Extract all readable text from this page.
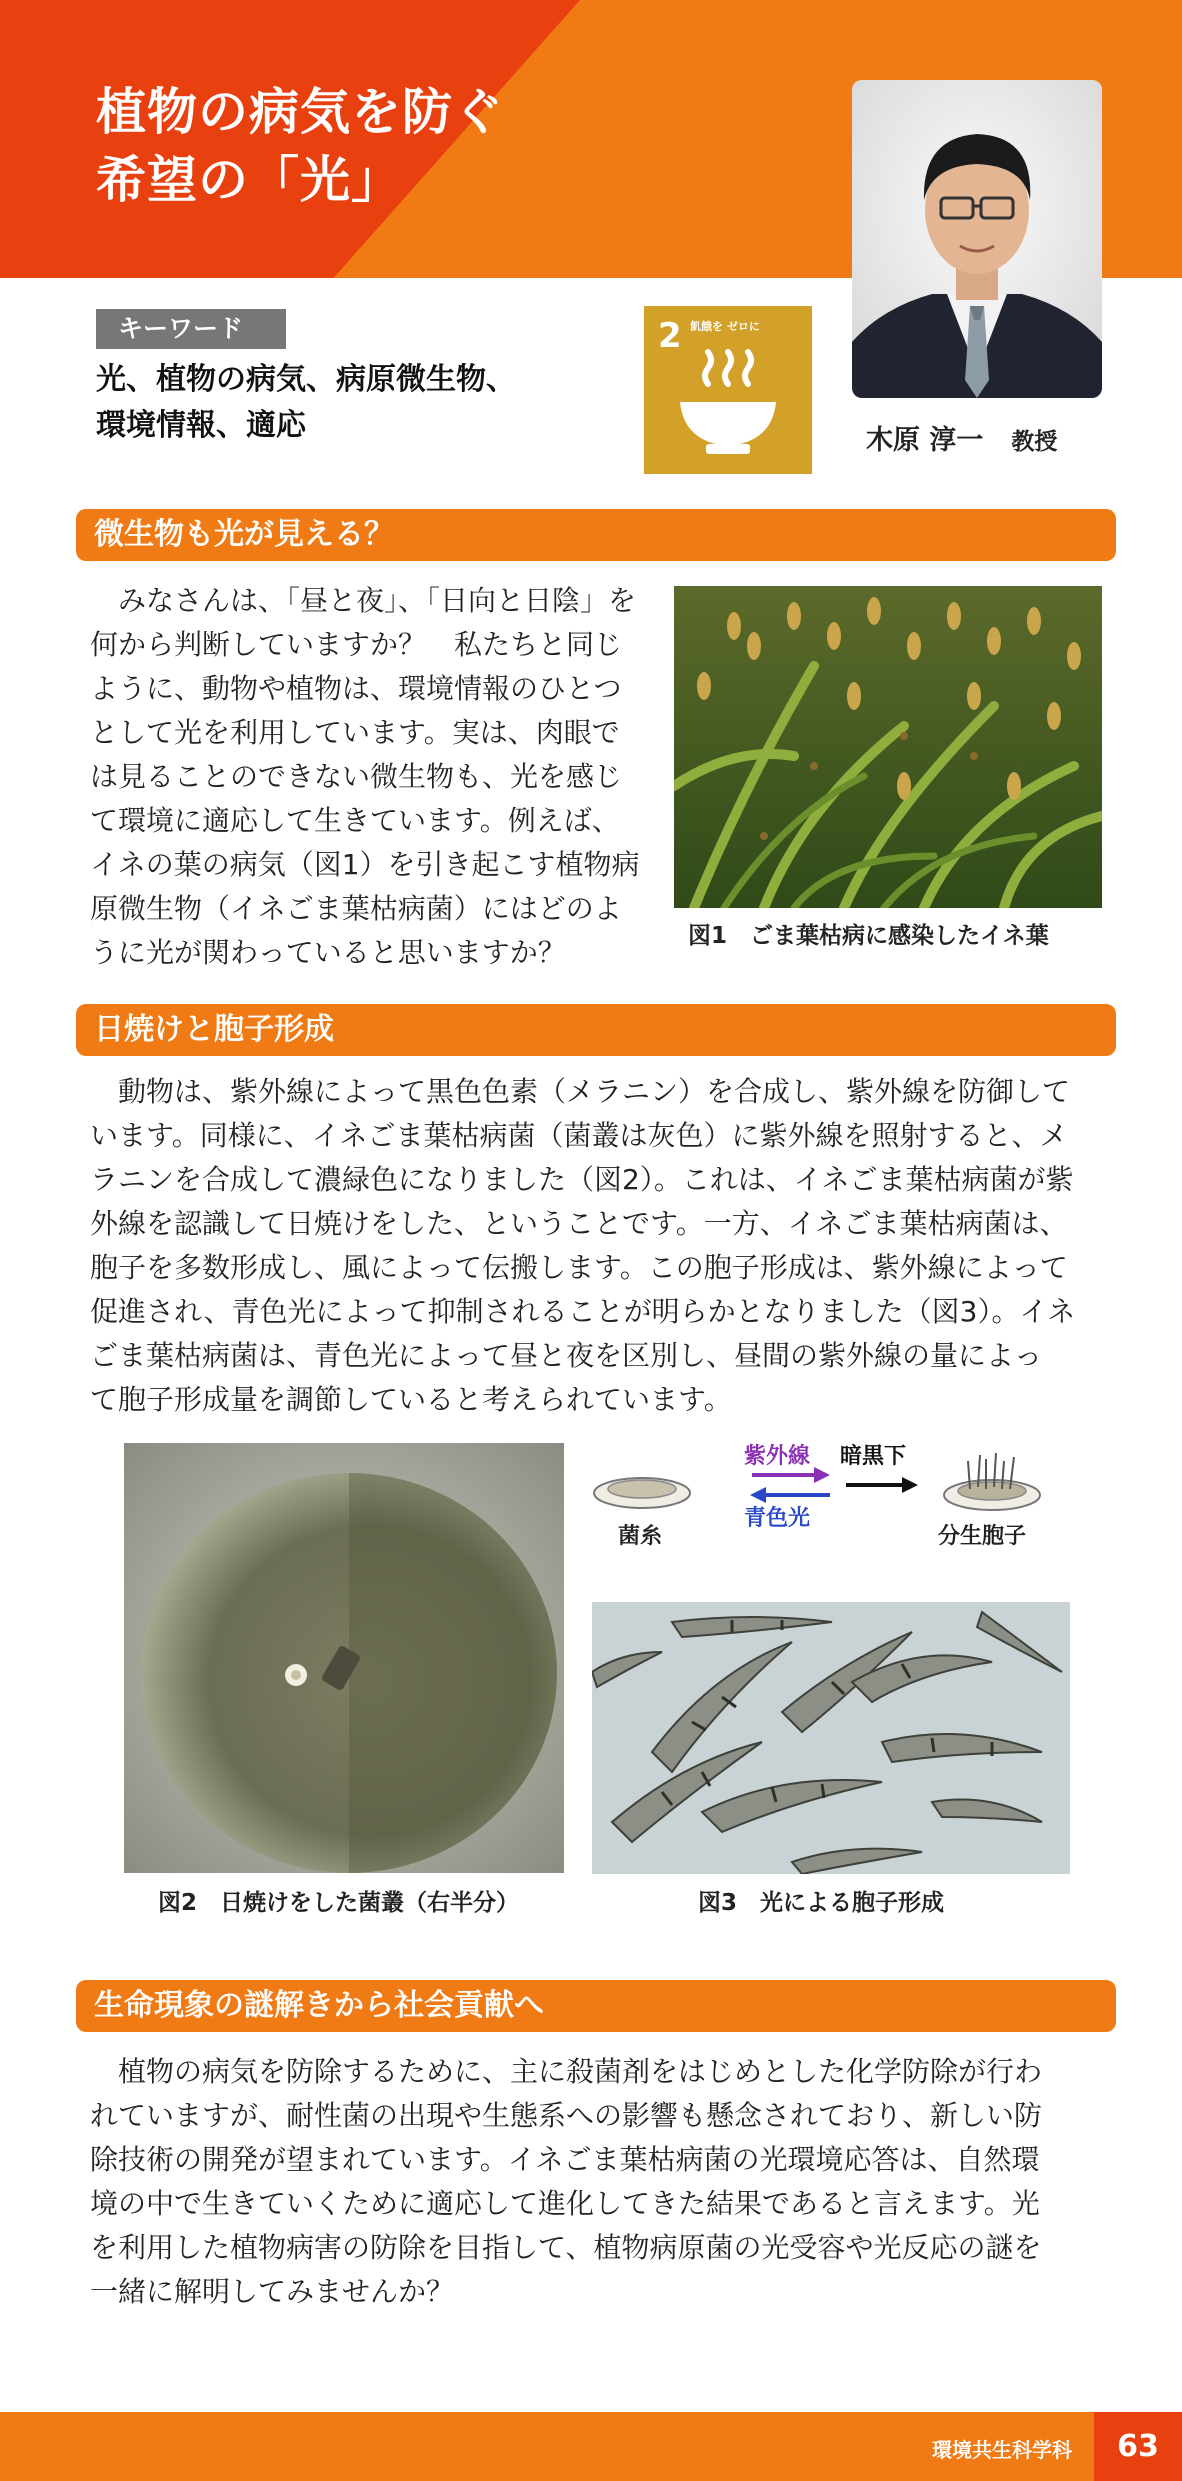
植物の病気を防ぐ
希望の「光」
木原 淳一 教授
キーワード
光、植物の病気、病原微生物、
環境情報、適応
2 飢餓を ゼロに
微生物も光が見える？
　みなさんは、「昼と夜」、「日向と日陰」を
何から判断していますか？　私たちと同じ
ように、動物や植物は、環境情報のひとつ
として光を利用しています。実は、肉眼で
は見ることのできない微生物も、光を感じ
て環境に適応して生きています。例えば、
イネの葉の病気（図1）を引き起こす植物病
原微生物（イネごま葉枯病菌）にはどのよ
うに光が関わっていると思いますか？	図1　ごま葉枯病に感染したイネ葉
日焼けと胞子形成
　動物は、紫外線によって黒色色素（メラニン）を合成し、紫外線を防御して
います。同様に、イネごま葉枯病菌（菌叢は灰色）に紫外線を照射すると、メ
ラニンを合成して濃緑色になりました（図2）。これは、イネごま葉枯病菌が紫
外線を認識して日焼けをした、ということです。一方、イネごま葉枯病菌は、
胞子を多数形成し、風によって伝搬します。この胞子形成は、紫外線によって
促進され、青色光によって抑制されることが明らかとなりました（図3）。イネ
ごま葉枯病菌は、青色光によって昼と夜を区別し、昼間の紫外線の量によっ
て胞子形成量を調節していると考えられています。
図2　日焼けをした菌叢（右半分）
紫外線
青色光
暗黒下
菌糸	分生胞子
図3　光による胞子形成
生命現象の謎解きから社会貢献へ
　植物の病気を防除するために、主に殺菌剤をはじめとした化学防除が行わ
れていますが、耐性菌の出現や生態系への影響も懸念されており、新しい防
除技術の開発が望まれています。イネごま葉枯病菌の光環境応答は、自然環
境の中で生きていくために適応して進化してきた結果であると言えます。光
を利用した植物病害の防除を目指して、植物病原菌の光受容や光反応の謎を
一緒に解明してみませんか？
環境共生科学科	63
